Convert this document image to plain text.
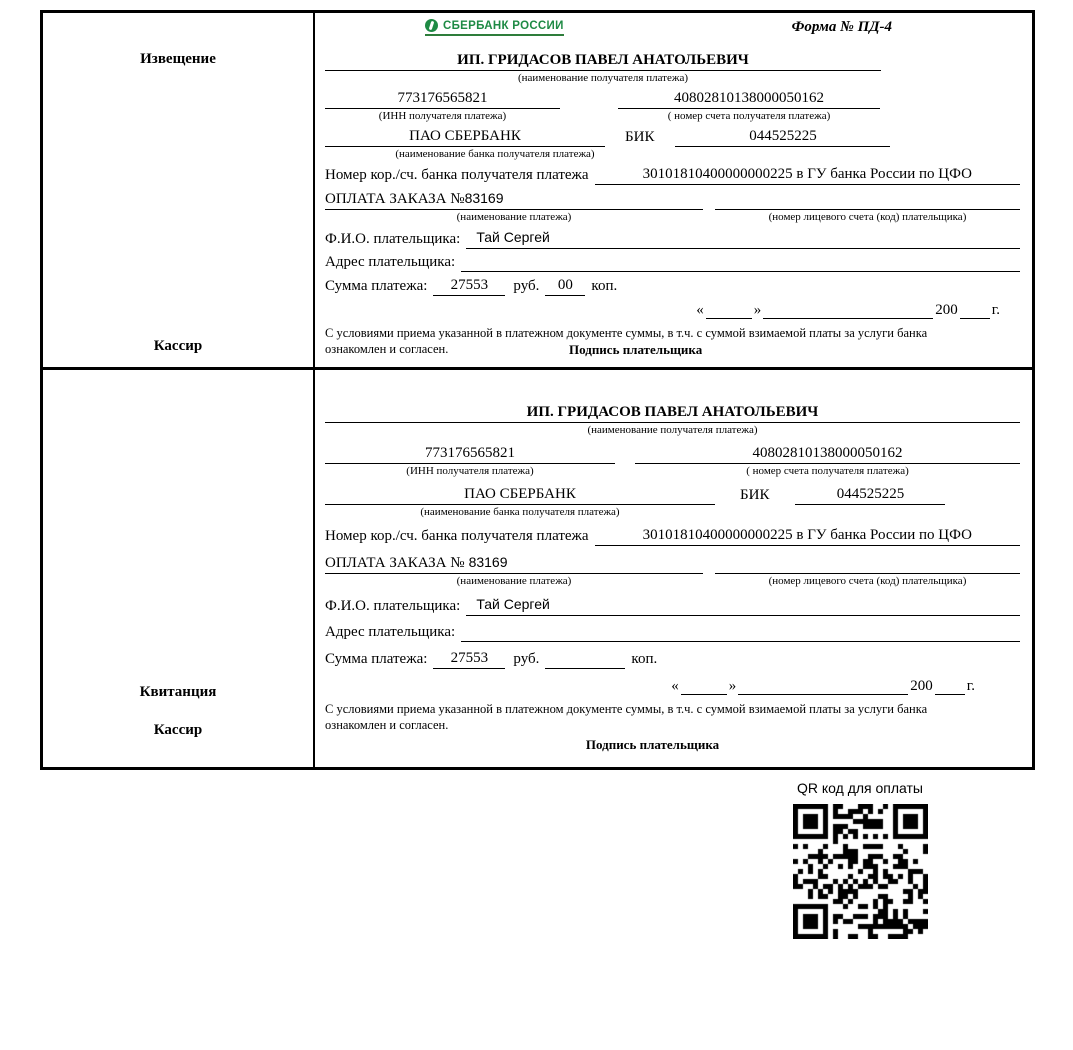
Извещение
Кассир
СБЕРБАНК РОССИИ	Форма № ПД-4
ИП. ГРИДАСОВ ПАВЕЛ АНАТОЛЬЕВИЧ
(наименование получателя платежа)
773176565821	40802810138000050162
(ИНН получателя платежа)	( номер счета получателя платежа)
ПАО СБЕРБАНК	БИК	044525225
(наименование банка получателя платежа)
Номер кор./сч. банка получателя платежа	30101810400000000225 в ГУ банка России по ЦФО
ОПЛАТА ЗАКАЗА №83169
(наименование платежа)	(номер лицевого счета (код) плательщика)
Ф.И.О. плательщика:	Тай Сергей
Адрес плательщика:
Сумма платежа:	27553	руб.	00	коп.
«	»	200 г.

С условиями приема указанной в платежном документе суммы, в т.ч. с суммой взимаемой платы за услуги банка ознакомлен и согласен.	Подпись плательщика
Квитанция
Кассир
ИП. ГРИДАСОВ ПАВЕЛ АНАТОЛЬЕВИЧ
(наименование получателя платежа)
773176565821	40802810138000050162
(ИНН получателя платежа)	( номер счета получателя платежа)
ПАО СБЕРБАНК	БИК	044525225
(наименование банка получателя платежа)
Номер кор./сч. банка получателя платежа	30101810400000000225 в ГУ банка России по ЦФО
ОПЛАТА ЗАКАЗА № 83169
(наименование платежа)	(номер лицевого счета (код) плательщика)
Ф.И.О. плательщика:	Тай Сергей
Адрес плательщика:
Сумма платежа:	27553	руб.	коп.
«	»	200 г.

С условиями приема указанной в платежном документе суммы, в т.ч. с суммой взимаемой платы за услуги банка ознакомлен и согласен.

Подпись плательщика
QR код для оплаты
